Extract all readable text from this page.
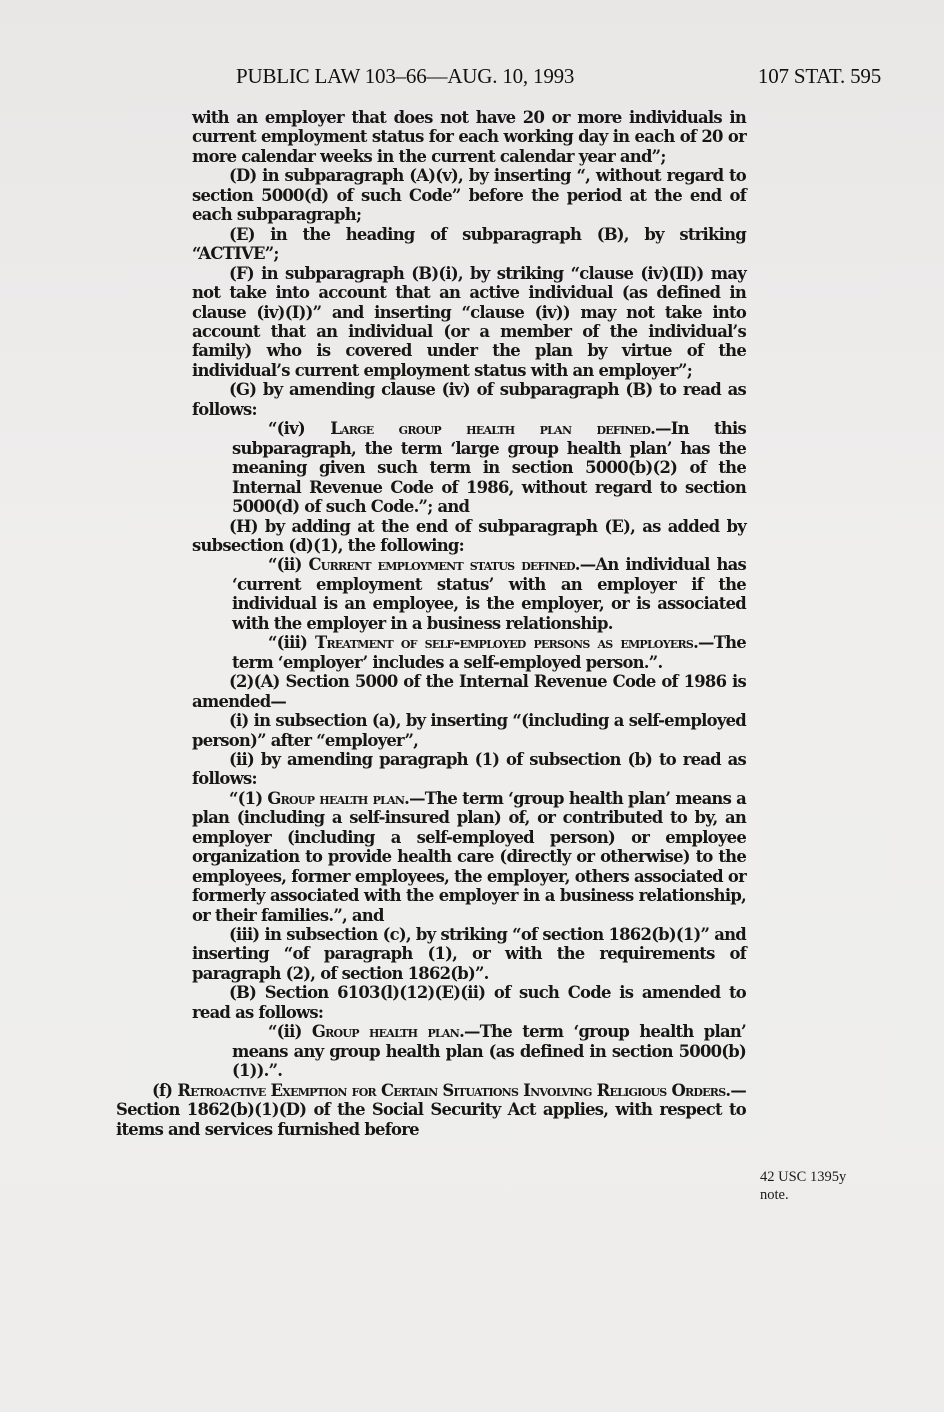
PUBLIC LAW 103–66—AUG. 10, 1993	107 STAT. 595

with an employer that does not have 20 or more individuals in current employment status for each working day in each of 20 or more calendar weeks in the current calendar year and”;

(D) in subparagraph (A)(v), by inserting “, without regard to section 5000(d) of such Code” before the period at the end of each subparagraph;

(E) in the heading of subparagraph (B), by striking “ACTIVE”;

(F) in subparagraph (B)(i), by striking “clause (iv)(II)) may not take into account that an active individual (as defined in clause (iv)(I))” and inserting “clause (iv)) may not take into account that an individual (or a member of the individual’s family) who is covered under the plan by virtue of the individual’s current employment status with an employer”;

(G) by amending clause (iv) of subparagraph (B) to read as follows:

“(iv) Large group health plan defined.—In this subparagraph, the term ‘large group health plan’ has the meaning given such term in section 5000(b)(2) of the Internal Revenue Code of 1986, without regard to section 5000(d) of such Code.”; and

(H) by adding at the end of subparagraph (E), as added by subsection (d)(1), the following:

“(ii) Current employment status defined.—An individual has ‘current employment status’ with an employer if the individual is an employee, is the employer, or is associated with the employer in a business relationship.

“(iii) Treatment of self-employed persons as employers.—The term ‘employer’ includes a self-employed person.”.

(2)(A) Section 5000 of the Internal Revenue Code of 1986 is amended—

(i) in subsection (a), by inserting “(including a self-employed person)” after “employer”,

(ii) by amending paragraph (1) of subsection (b) to read as follows:

“(1) Group health plan.—The term ‘group health plan’ means a plan (including a self-insured plan) of, or contributed to by, an employer (including a self-employed person) or employee organization to provide health care (directly or otherwise) to the employees, former employees, the employer, others associated or formerly associated with the employer in a business relationship, or their families.”, and

(iii) in subsection (c), by striking “of section 1862(b)(1)” and inserting “of paragraph (1), or with the requirements of paragraph (2), of section 1862(b)”.

(B) Section 6103(l)(12)(E)(ii) of such Code is amended to read as follows:

“(ii) Group health plan.—The term ‘group health plan’ means any group health plan (as defined in section 5000(b)(1)).”.

(f) Retroactive Exemption for Certain Situations Involving Religious Orders.—Section 1862(b)(1)(D) of the Social Security Act applies, with respect to items and services furnished before

42 USC 1395y
note.
